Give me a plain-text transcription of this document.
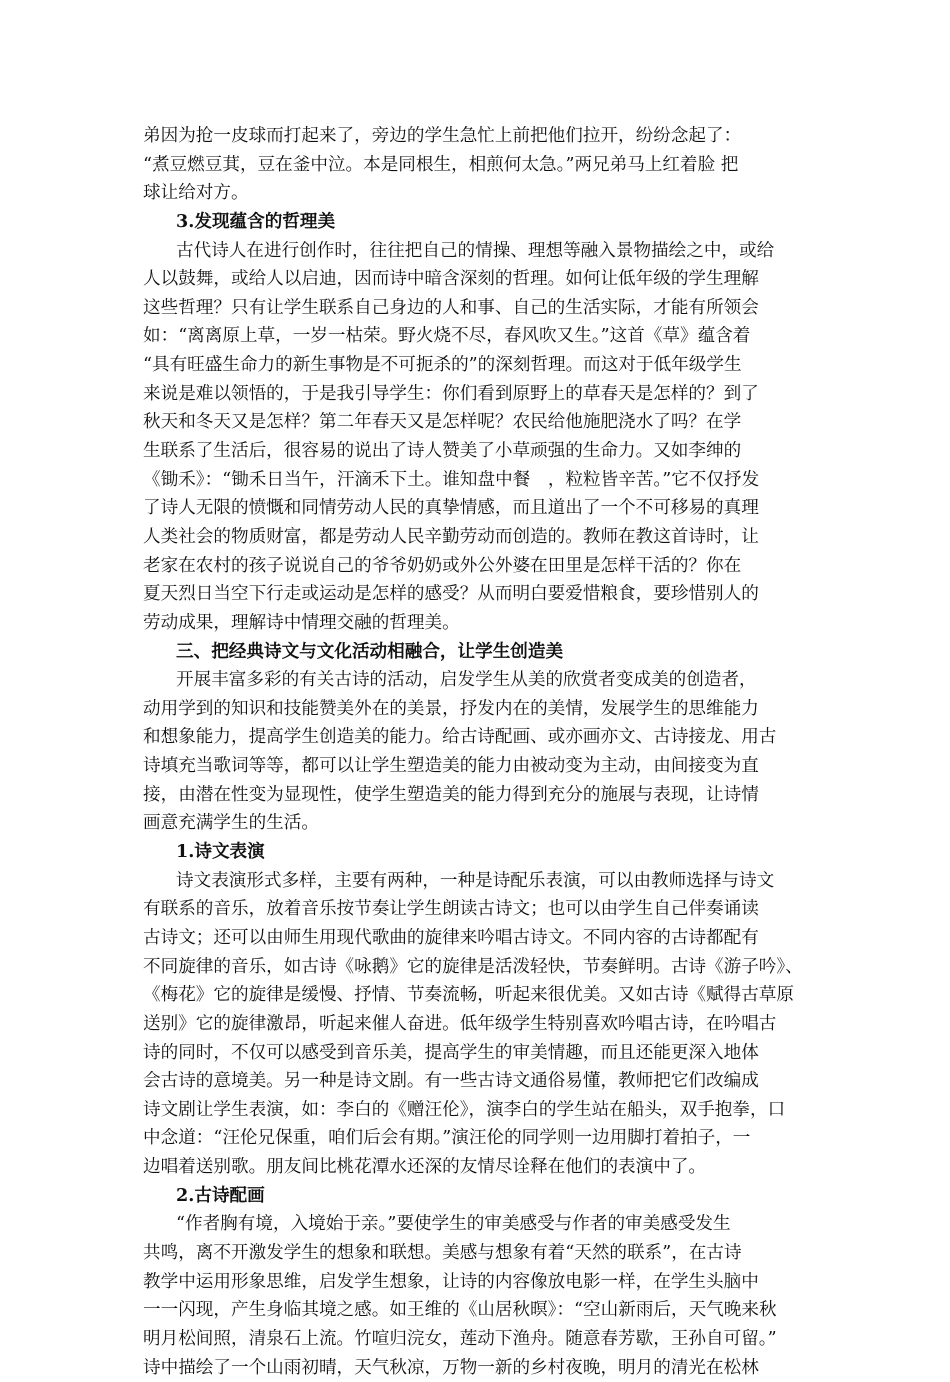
弟因为抢一皮球而打起来了，旁边的学生急忙上前把他们拉开，纷纷念起了：
“煮豆燃豆萁，豆在釜中泣。本是同根生，相煎何太急。”两兄弟马上红着脸 把
球让给对方。
3.发现蕴含的哲理美
古代诗人在进行创作时，往往把自己的情操、理想等融入景物描绘之中，或给
人以鼓舞，或给人以启迪，因而诗中暗含深刻的哲理。如何让低年级的学生理解
这些哲理？只有让学生联系自己身边的人和事、自己的生活实际，才能有所领会
如：“离离原上草，一岁一枯荣。野火烧不尽，春风吹又生。”这首《草》蕴含着
“具有旺盛生命力的新生事物是不可扼杀的”的深刻哲理。而这对于低年级学生
来说是难以领悟的，于是我引导学生：你们看到原野上的草春天是怎样的？到了
秋天和冬天又是怎样？第二年春天又是怎样呢？农民给他施肥浇水了吗？在学
生联系了生活后，很容易的说出了诗人赞美了小草顽强的生命力。又如李绅的
《锄禾》：“锄禾日当午，汗滴禾下土。谁知盘中餐　，粒粒皆辛苦。”它不仅抒发
了诗人无限的愤慨和同情劳动人民的真挚情感，而且道出了一个不可移易的真理
人类社会的物质财富，都是劳动人民辛勤劳动而创造的。教师在教这首诗时，让
老家在农村的孩子说说自己的爷爷奶奶或外公外婆在田里是怎样干活的？你在
夏天烈日当空下行走或运动是怎样的感受？从而明白要爱惜粮食，要珍惜别人的
劳动成果，理解诗中情理交融的哲理美。
三、把经典诗文与文化活动相融合，让学生创造美
开展丰富多彩的有关古诗的活动，启发学生从美的欣赏者变成美的创造者，
动用学到的知识和技能赞美外在的美景，抒发内在的美情，发展学生的思维能力
和想象能力，提高学生创造美的能力。给古诗配画、或亦画亦文、古诗接龙、用古
诗填充当歌词等等，都可以让学生塑造美的能力由被动变为主动，由间接变为直
接，由潜在性变为显现性，使学生塑造美的能力得到充分的施展与表现，让诗情
画意充满学生的生活。
1.诗文表演
诗文表演形式多样，主要有两种，一种是诗配乐表演，可以由教师选择与诗文
有联系的音乐，放着音乐按节奏让学生朗读古诗文；也可以由学生自己伴奏诵读
古诗文；还可以由师生用现代歌曲的旋律来吟唱古诗文。不同内容的古诗都配有
不同旋律的音乐，如古诗《咏鹅》它的旋律是活泼轻快，节奏鲜明。古诗《游子吟》、
《梅花》它的旋律是缓慢、抒情、节奏流畅，听起来很优美。又如古诗《赋得古草原
送别》它的旋律激昂，听起来催人奋进。低年级学生特别喜欢吟唱古诗，在吟唱古
诗的同时，不仅可以感受到音乐美，提高学生的审美情趣，而且还能更深入地体
会古诗的意境美。另一种是诗文剧。有一些古诗文通俗易懂，教师把它们改编成
诗文剧让学生表演，如：李白的《赠汪伦》，演李白的学生站在船头，双手抱拳，口
中念道：“汪伦兄保重，咱们后会有期。”演汪伦的同学则一边用脚打着拍子，一
边唱着送别歌。朋友间比桃花潭水还深的友情尽诠释在他们的表演中了。
2.古诗配画
“作者胸有境，入境始于亲。”要使学生的审美感受与作者的审美感受发生
共鸣，离不开激发学生的想象和联想。美感与想象有着“天然的联系”，在古诗
教学中运用形象思维，启发学生想象，让诗的内容像放电影一样，在学生头脑中
一一闪现，产生身临其境之感。如王维的《山居秋暝》：“空山新雨后，天气晚来秋
明月松间照，清泉石上流。竹喧归浣女，莲动下渔舟。随意春芳歇，王孙自可留。”
诗中描绘了一个山雨初晴，天气秋凉，万物一新的乡村夜晚，明月的清光在松林
